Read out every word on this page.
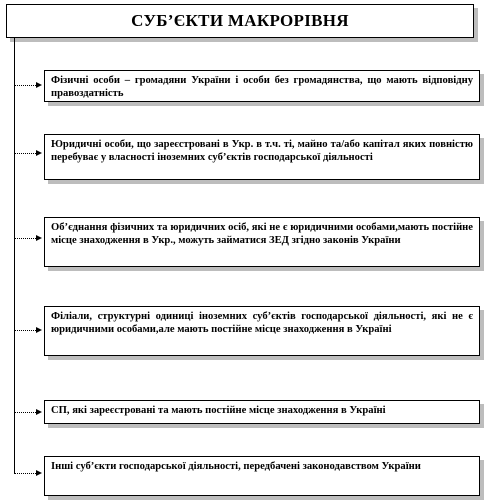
СУБ’ЄКТИ МАКРОРІВНЯ
Фізичні особи – громадяни України і особи без громадянства, що мають відповідну правоздатність
Юридичні особи, що зареєстровані в Укр. в т.ч. ті, майно та/або капітал яких повністю перебуває у власності іноземних суб’єктів господарської діяльності
Об’єднання фізичних та юридичних осіб, які не є юридичними особами,мають постійне місце знаходження в Укр., можуть займатися ЗЕД згідно законів України
Філіали, структурні одиниці іноземних суб’єктів господарської діяльності, які не є юридичними особами,але мають постійне місце знаходження в Україні
СП, які зареєстровані та мають постійне місце знаходження в Україні
Інші суб’єкти господарської діяльності, передбачені законодавством України
